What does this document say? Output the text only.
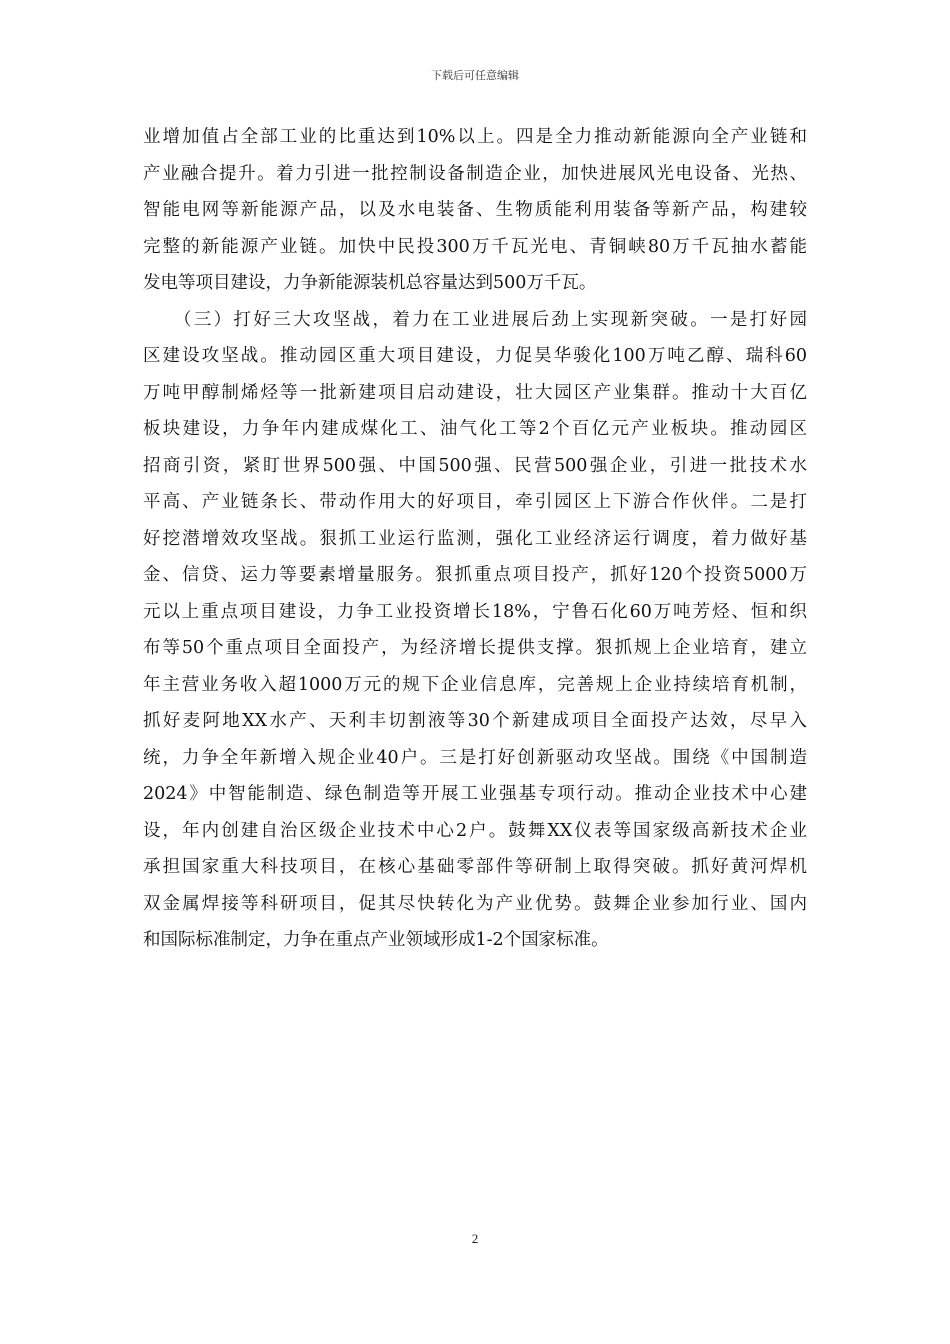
下载后可任意编辑
业增加值占全部工业的比重达到10%以上。四是全力推动新能源向全产业链和
产业融合提升。着力引进一批控制设备制造企业，加快进展风光电设备、光热、
智能电网等新能源产品，以及水电装备、生物质能利用装备等新产品，构建较
完整的新能源产业链。加快中民投300万千瓦光电、青铜峡80万千瓦抽水蓄能
发电等项目建设，力争新能源装机总容量达到500万千瓦。
　　（三）打好三大攻坚战，着力在工业进展后劲上实现新突破。一是打好园
区建设攻坚战。推动园区重大项目建设，力促昊华骏化100万吨乙醇、瑞科60
万吨甲醇制烯烃等一批新建项目启动建设，壮大园区产业集群。推动十大百亿
板块建设，力争年内建成煤化工、油气化工等2个百亿元产业板块。推动园区
招商引资，紧盯世界500强、中国500强、民营500强企业，引进一批技术水
平高、产业链条长、带动作用大的好项目，牵引园区上下游合作伙伴。二是打
好挖潜增效攻坚战。狠抓工业运行监测，强化工业经济运行调度，着力做好基
金、信贷、运力等要素增量服务。狠抓重点项目投产，抓好120个投资5000万
元以上重点项目建设，力争工业投资增长18%，宁鲁石化60万吨芳烃、恒和织
布等50个重点项目全面投产，为经济增长提供支撑。狠抓规上企业培育，建立
年主营业务收入超1000万元的规下企业信息库，完善规上企业持续培育机制，
抓好麦阿地XX水产、天利丰切割液等30个新建成项目全面投产达效，尽早入
统，力争全年新增入规企业40户。三是打好创新驱动攻坚战。围绕《中国制造
2024》中智能制造、绿色制造等开展工业强基专项行动。推动企业技术中心建
设，年内创建自治区级企业技术中心2户。鼓舞XX仪表等国家级高新技术企业
承担国家重大科技项目，在核心基础零部件等研制上取得突破。抓好黄河焊机
双金属焊接等科研项目，促其尽快转化为产业优势。鼓舞企业参加行业、国内
和国际标准制定，力争在重点产业领域形成1-2个国家标准。
2
